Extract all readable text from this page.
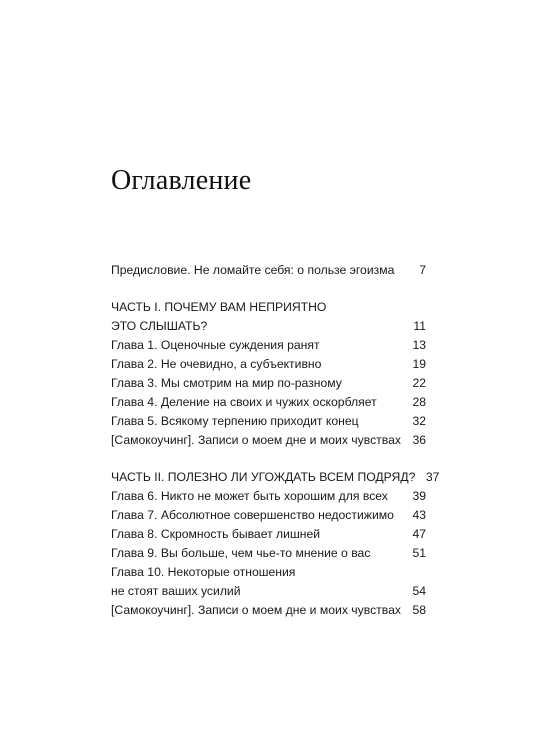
Оглавление
Предисловие. Не ломайте себя: о пользе эгоизма	7
ЧАСТЬ I. ПОЧЕМУ ВАМ НЕПРИЯТНО
ЭТО СЛЫШАТЬ?	11
Глава 1. Оценочные суждения ранят	13
Глава 2. Не очевидно, а субъективно	19
Глава 3. Мы смотрим на мир по-разному	22
Глава 4. Деление на своих и чужих оскорбляет	28
Глава 5. Всякому терпению приходит конец	32
[Самокоучинг]. Записи о моем дне и моих чувствах 36
ЧАСТЬ II. ПОЛЕЗНО ЛИ УГОЖДАТЬ ВСЕМ ПОДРЯД? 37
Глава 6. Никто не может быть хорошим для всех	39
Глава 7. Абсолютное совершенство недостижимо	43
Глава 8. Скромность бывает лишней	47
Глава 9. Вы больше, чем чье-то мнение о вас	51
Глава 10. Некоторые отношения
не стоят ваших усилий	54
[Самокоучинг]. Записи о моем дне и моих чувствах 58
